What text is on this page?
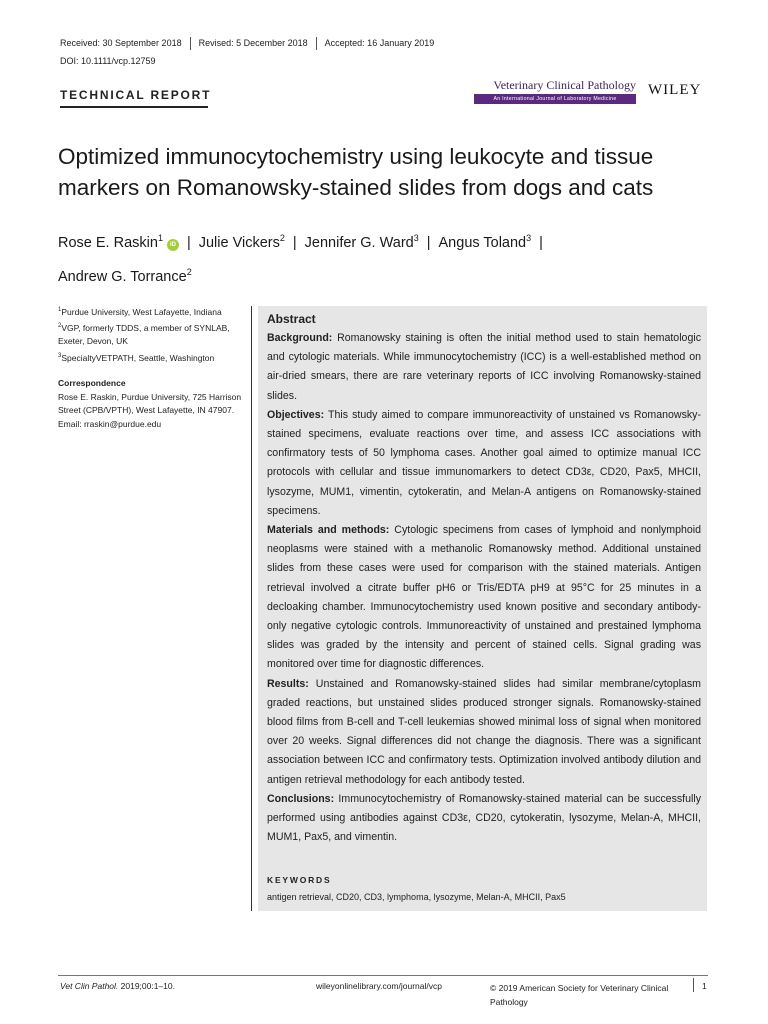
Received: 30 September 2018 Revised: 5 December 2018 Accepted: 16 January 2019
DOI: 10.1111/vcp.12759
TECHNICAL REPORT
Veterinary Clinical Pathology
An International Journal of Laboratory Medicine
WILEY
Optimized immunocytochemistry using leukocyte and tissue markers on Romanowsky-stained slides from dogs and cats
Rose E. Raskin$^1$iD | Julie Vickers$^2$ | Jennifer G. Ward$^3$ | Angus Toland$^3$ |
Andrew G. Torrance$^2$
$^1$Purdue University, West Lafayette, Indiana
$^2$VGP, formerly TDDS, a member of SYNLAB, Exeter, Devon, UK
$^3$SpecialtyVETPATH, Seattle, Washington
Correspondence
Rose E. Raskin, Purdue University, 725 Harrison Street (CPB/VPTH), West Lafayette, IN 47907.
Email: rraskin@purdue.edu
Abstract

Background: Romanowsky staining is often the initial method used to stain hematologic and cytologic materials. While immunocytochemistry (ICC) is a well-established method on air-dried smears, there are rare veterinary reports of ICC involving Romanowsky-stained slides.

Objectives: This study aimed to compare immunoreactivity of unstained vs Romanowsky-stained specimens, evaluate reactions over time, and assess ICC associations with confirmatory tests of 50 lymphoma cases. Another goal aimed to optimize manual ICC protocols with cellular and tissue immunomarkers to detect CD3ε, CD20, Pax5, MHCII, lysozyme, MUM1, vimentin, cytokeratin, and Melan-A antigens on Romanowsky-stained specimens.

Materials and methods: Cytologic specimens from cases of lymphoid and nonlymphoid neoplasms were stained with a methanolic Romanowsky method. Additional unstained slides from these cases were used for comparison with the stained materials. Antigen retrieval involved a citrate buffer pH6 or Tris/EDTA pH9 at 95°C for 25 minutes in a decloaking chamber. Immunocytochemistry used known positive and secondary antibody-only negative cytologic controls. Immunoreactivity of unstained and prestained lymphoma slides was graded by the intensity and percent of stained cells. Signal grading was monitored over time for diagnostic differences.

Results: Unstained and Romanowsky-stained slides had similar membrane/cytoplasm graded reactions, but unstained slides produced stronger signals. Romanowsky-stained blood films from B-cell and T-cell leukemias showed minimal loss of signal when monitored over 20 weeks. Signal differences did not change the diagnosis. There was a significant association between ICC and confirmatory tests. Optimization involved antibody dilution and antigen retrieval methodology for each antibody tested.

Conclusions: Immunocytochemistry of Romanowsky-stained material can be successfully performed using antibodies against CD3ε, CD20, cytokeratin, lysozyme, Melan-A, MHCII, MUM1, Pax5, and vimentin.

KEYWORDS
antigen retrieval, CD20, CD3, lymphoma, lysozyme, Melan-A, MHCII, Pax5
Vet Clin Pathol. 2019;00:1–10.	wileyonlinelibrary.com/journal/vcp	© 2019 American Society for Veterinary Clinical Pathology
1
